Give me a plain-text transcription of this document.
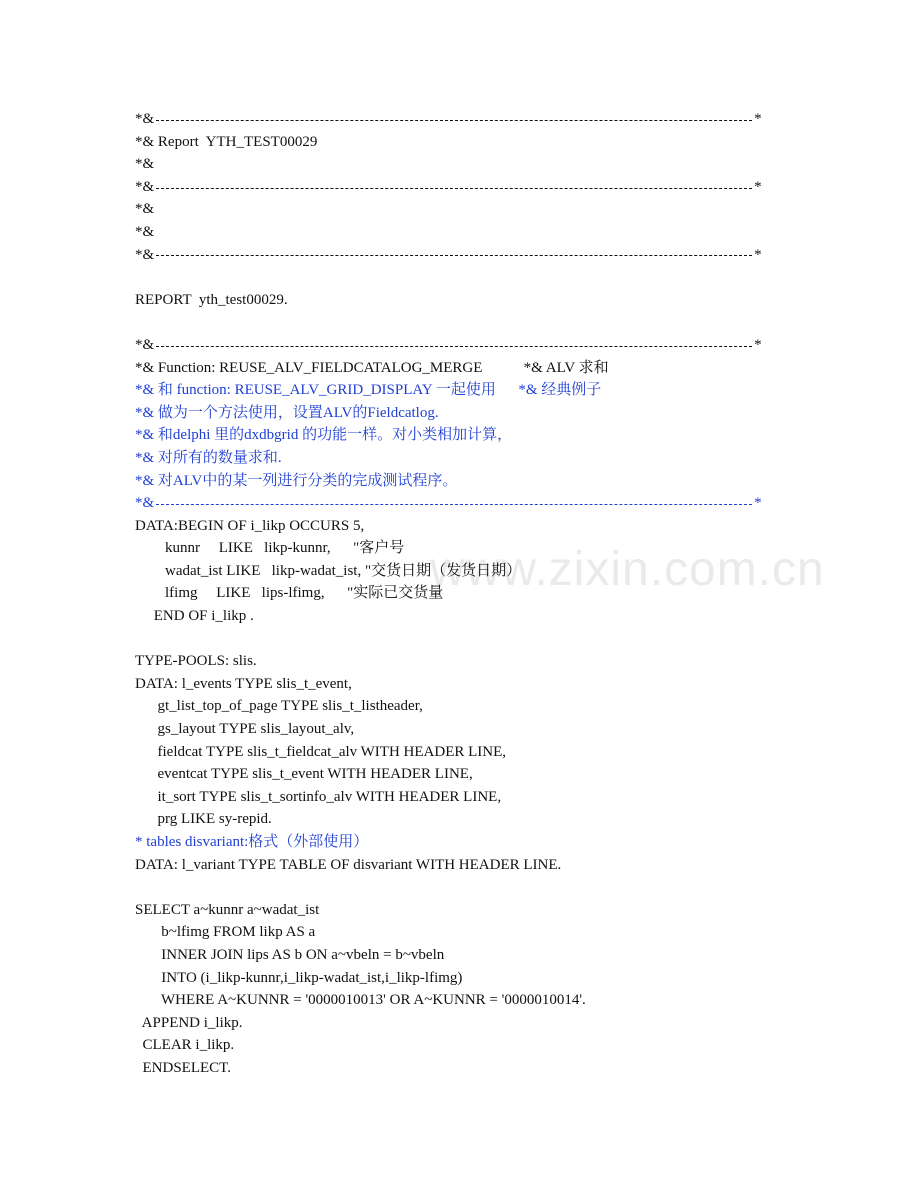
www.zixin.com.cn
*&	*
*& Report  YTH_TEST00029
*&
*&	*
*&
*&
*&	*
REPORT  yth_test00029.
*&	*
*& Function: REUSE_ALV_FIELDCATALOG_MERGE           *& ALV 求和
*& 和 function: REUSE_ALV_GRID_DISPLAY 一起使用      *& 经典例子
*& 做为一个方法使用，设置ALV的Fieldcatlog.
*& 和delphi 里的dxdbgrid 的功能一样。对小类相加计算，
*& 对所有的数量求和.
*& 对ALV中的某一列进行分类的完成测试程序。
*&	*
DATA:BEGIN OF i_likp OCCURS 5,
kunnr     LIKE   likp-kunnr,      "客户号
wadat_ist LIKE   likp-wadat_ist, "交货日期（发货日期）
lfimg     LIKE   lips-lfimg,      "实际已交货量
END OF i_likp .
TYPE-POOLS: slis.
DATA: l_events TYPE slis_t_event,
gt_list_top_of_page TYPE slis_t_listheader,
gs_layout TYPE slis_layout_alv,
fieldcat TYPE slis_t_fieldcat_alv WITH HEADER LINE,
eventcat TYPE slis_t_event WITH HEADER LINE,
it_sort TYPE slis_t_sortinfo_alv WITH HEADER LINE,
prg LIKE sy-repid.
* tables disvariant:格式（外部使用）
DATA: l_variant TYPE TABLE OF disvariant WITH HEADER LINE.
SELECT a~kunnr a~wadat_ist
b~lfimg FROM likp AS a
INNER JOIN lips AS b ON a~vbeln = b~vbeln
INTO (i_likp-kunnr,i_likp-wadat_ist,i_likp-lfimg)
WHERE A~KUNNR = '0000010013' OR A~KUNNR = '0000010014'.
APPEND i_likp.
CLEAR i_likp.
ENDSELECT.
